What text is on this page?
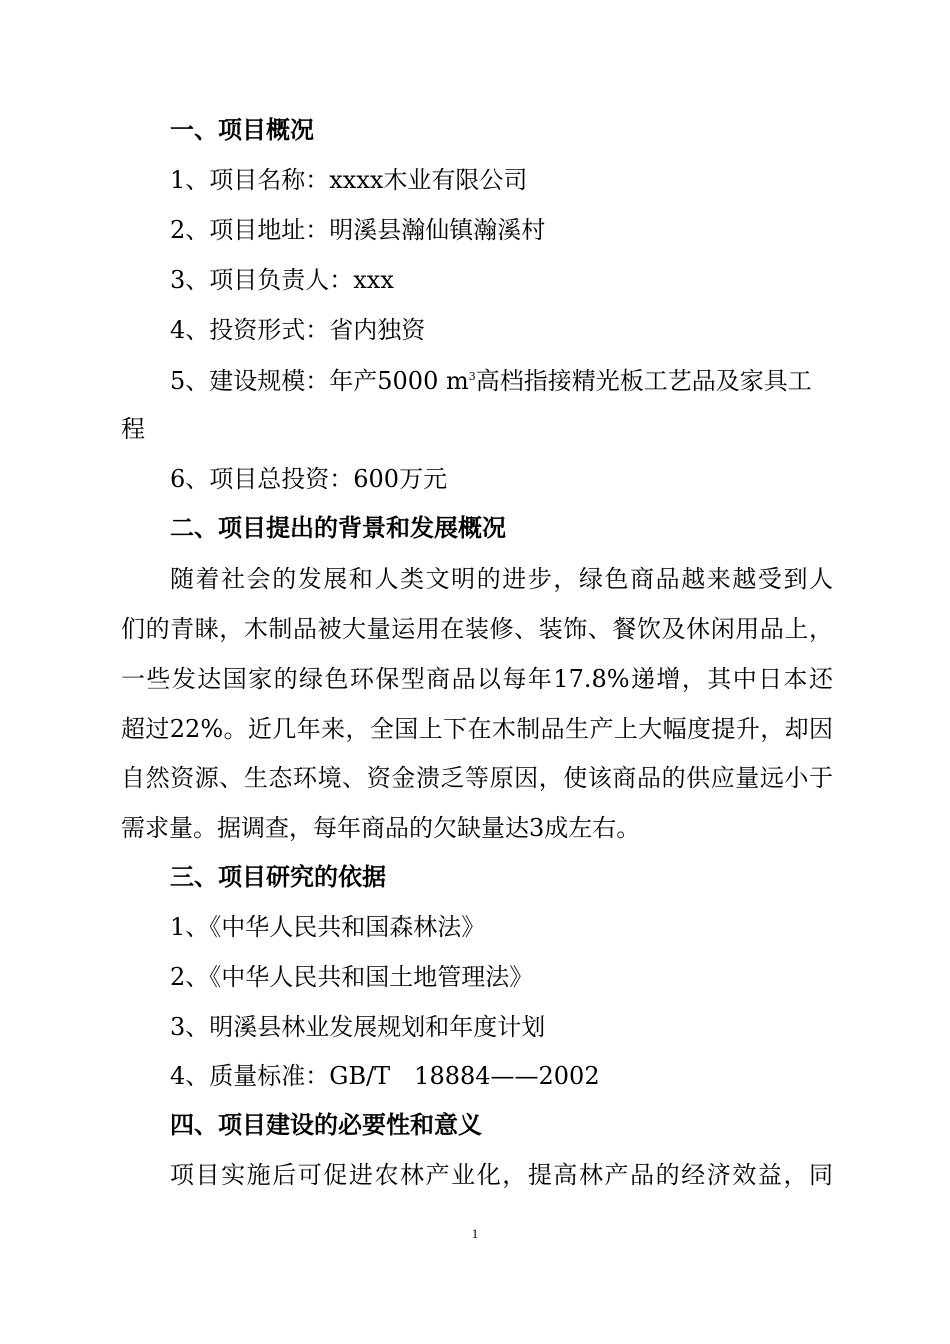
一、项目概况
1、项目名称：xxxx木业有限公司
2、项目地址：明溪县瀚仙镇瀚溪村
3、项目负责人：xxx
4、投资形式：省内独资
5、建设规模：年产5000 $m^3$高档指接精光板工艺品及家具工
程
6、项目总投资：600万元
二、项目提出的背景和发展概况
随着社会的发展和人类文明的进步，绿色商品越来越受到人
们的青睐，木制品被大量运用在装修、装饰、餐饮及休闲用品上，
一些发达国家的绿色环保型商品以每年17.8%递增，其中日本还
超过22%。近几年来，全国上下在木制品生产上大幅度提升，却因
自然资源、生态环境、资金溃乏等原因，使该商品的供应量远小于
需求量。据调查，每年商品的欠缺量达3成左右。
三、项目研究的依据
1、《中华人民共和国森林法》
2、《中华人民共和国土地管理法》
3、明溪县林业发展规划和年度计划
4、质量标准：GB/T　18884——2002
四、项目建设的必要性和意义
项目实施后可促进农林产业化，提高林产品的经济效益，同
1
